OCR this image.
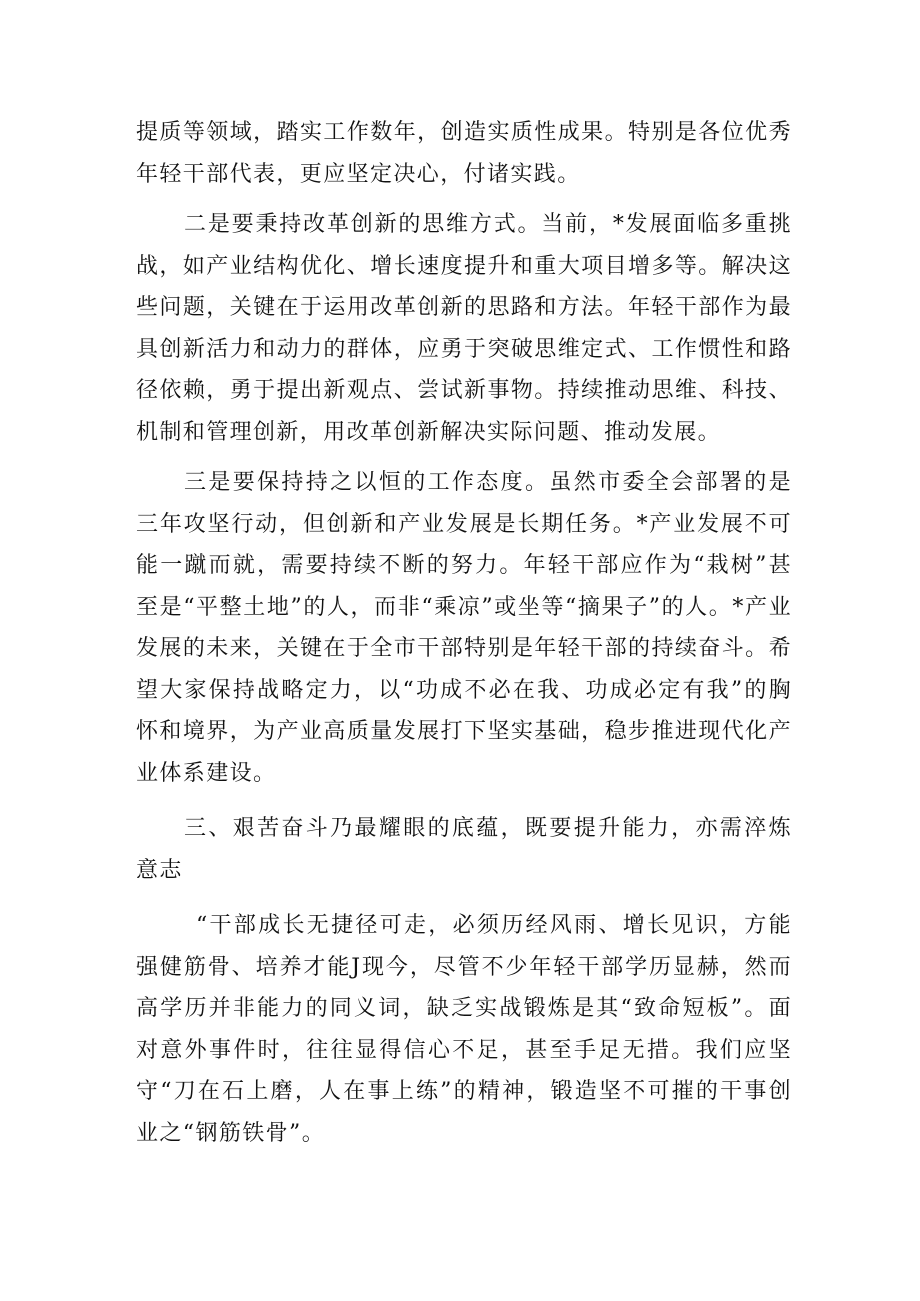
提质等领域，踏实工作数年，创造实质性成果。特别是各位优秀年轻干部代表，更应坚定决心，付诸实践。

二是要秉持改革创新的思维方式。当前，*发展面临多重挑战，如产业结构优化、增长速度提升和重大项目增多等。解决这些问题，关键在于运用改革创新的思路和方法。年轻干部作为最具创新活力和动力的群体，应勇于突破思维定式、工作惯性和路径依赖，勇于提出新观点、尝试新事物。持续推动思维、科技、机制和管理创新，用改革创新解决实际问题、推动发展。

三是要保持持之以恒的工作态度。虽然市委全会部署的是三年攻坚行动，但创新和产业发展是长期任务。*产业发展不可能一蹴而就，需要持续不断的努力。年轻干部应作为“栽树”甚至是“平整土地”的人，而非“乘凉”或坐等“摘果子”的人。*产业发展的未来，关键在于全市干部特别是年轻干部的持续奋斗。希望大家保持战略定力，以“功成不必在我、功成必定有我”的胸怀和境界，为产业高质量发展打下坚实基础，稳步推进现代化产业体系建设。

三、艰苦奋斗乃最耀眼的底蕴，既要提升能力，亦需淬炼意志

“干部成长无捷径可走，必须历经风雨、增长见识，方能强健筋骨、培养才能J现今，尽管不少年轻干部学历显赫，然而高学历并非能力的同义词，缺乏实战锻炼是其“致命短板”。面对意外事件时，往往显得信心不足，甚至手足无措。我们应坚守“刀在石上磨，人在事上练”的精神，锻造坚不可摧的干事创业之“钢筋铁骨”。
